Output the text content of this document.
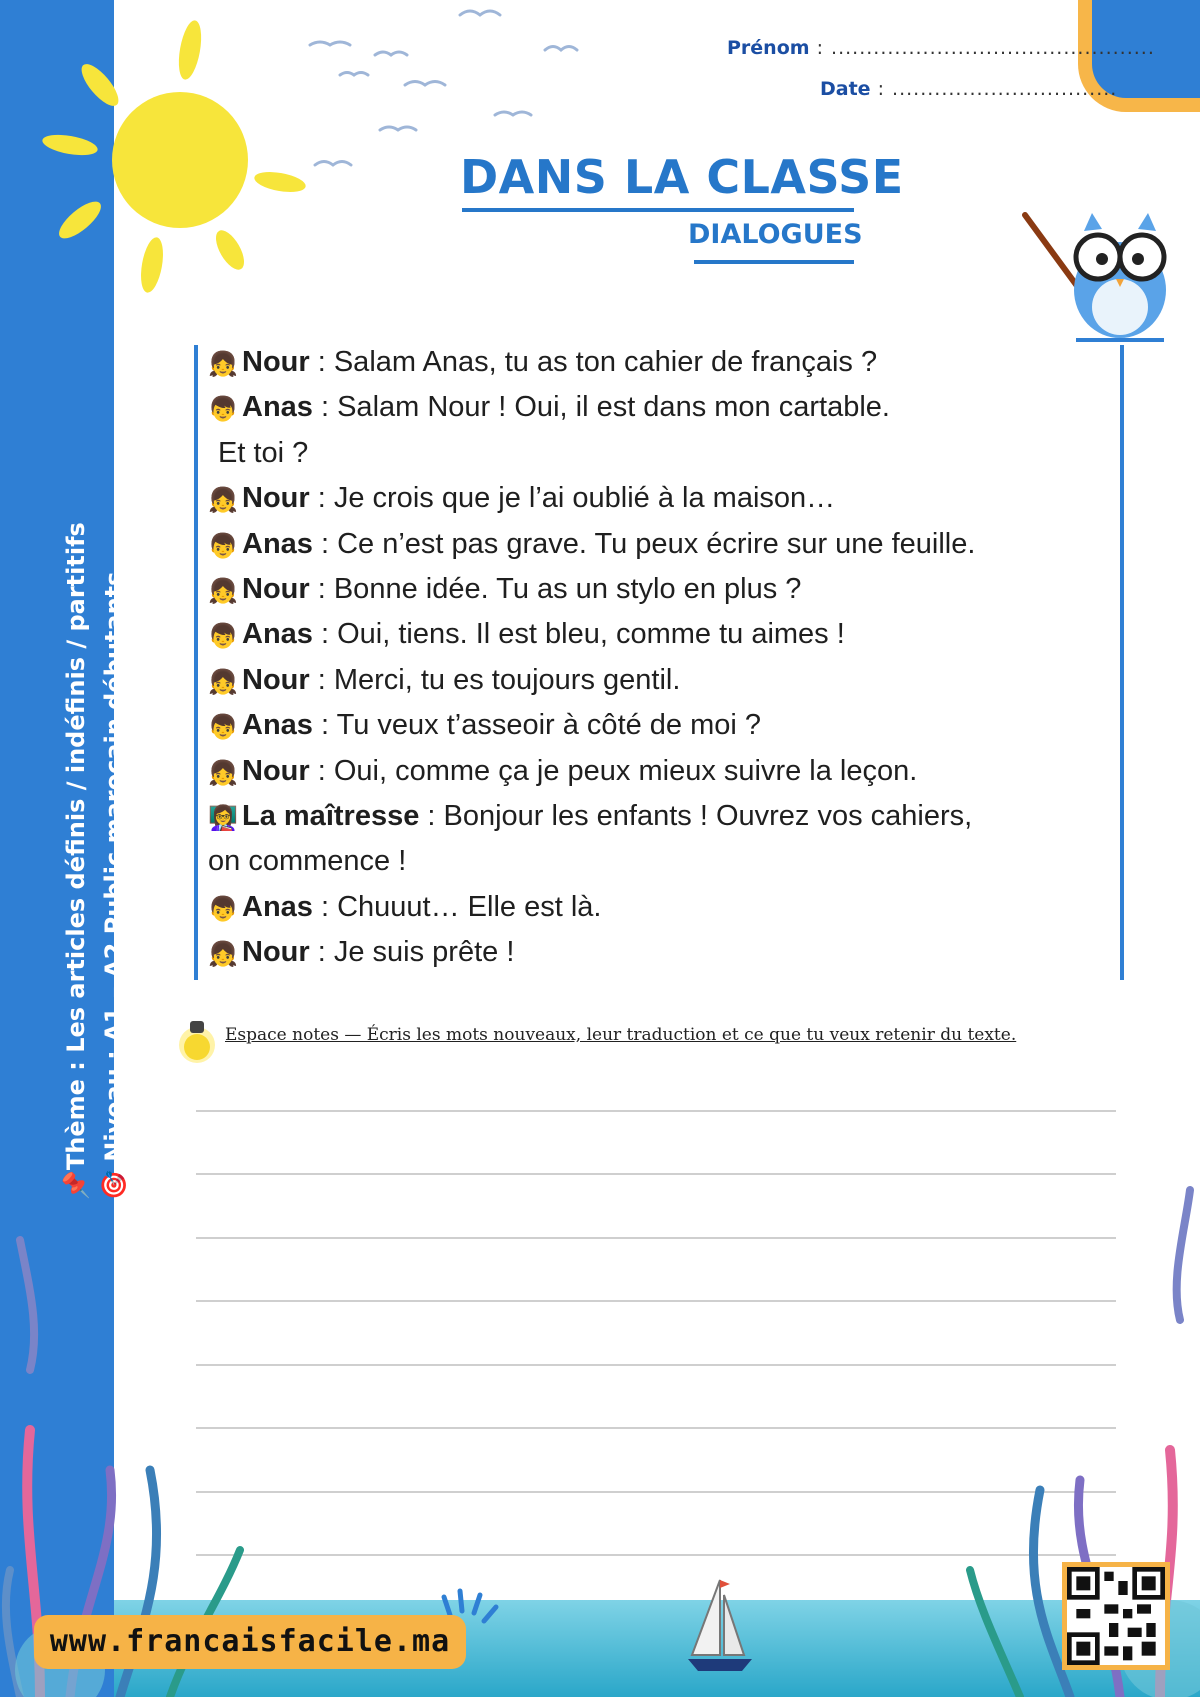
📌Thème : Les articles définis / indéfinis / partitifs 🎯 Niveau : A1 – A2 Public marocain débutants
Prénom : ..............................................
Date : ................................
DANS LA CLASSE
DIALOGUES
👧 Nour : Salam Anas, tu as ton cahier de français ?
👦 Anas : Salam Nour ! Oui, il est dans mon cartable.
Et toi ?
👧 Nour : Je crois que je l’ai oublié à la maison…
👦 Anas : Ce n’est pas grave. Tu peux écrire sur une feuille.
👧 Nour : Bonne idée. Tu as un stylo en plus ?
👦 Anas : Oui, tiens. Il est bleu, comme tu aimes !
👧 Nour : Merci, tu es toujours gentil.
👦 Anas : Tu veux t’asseoir à côté de moi ?
👧 Nour : Oui, comme ça je peux mieux suivre la leçon.
👩‍🏫 La maîtresse : Bonjour les enfants ! Ouvrez vos cahiers,
on commence !
👦 Anas : Chuuut… Elle est là.
👧 Nour : Je suis prête !
Espace notes — Écris les mots nouveaux, leur traduction et ce que tu veux retenir du texte.
www.francaisfacile.ma
